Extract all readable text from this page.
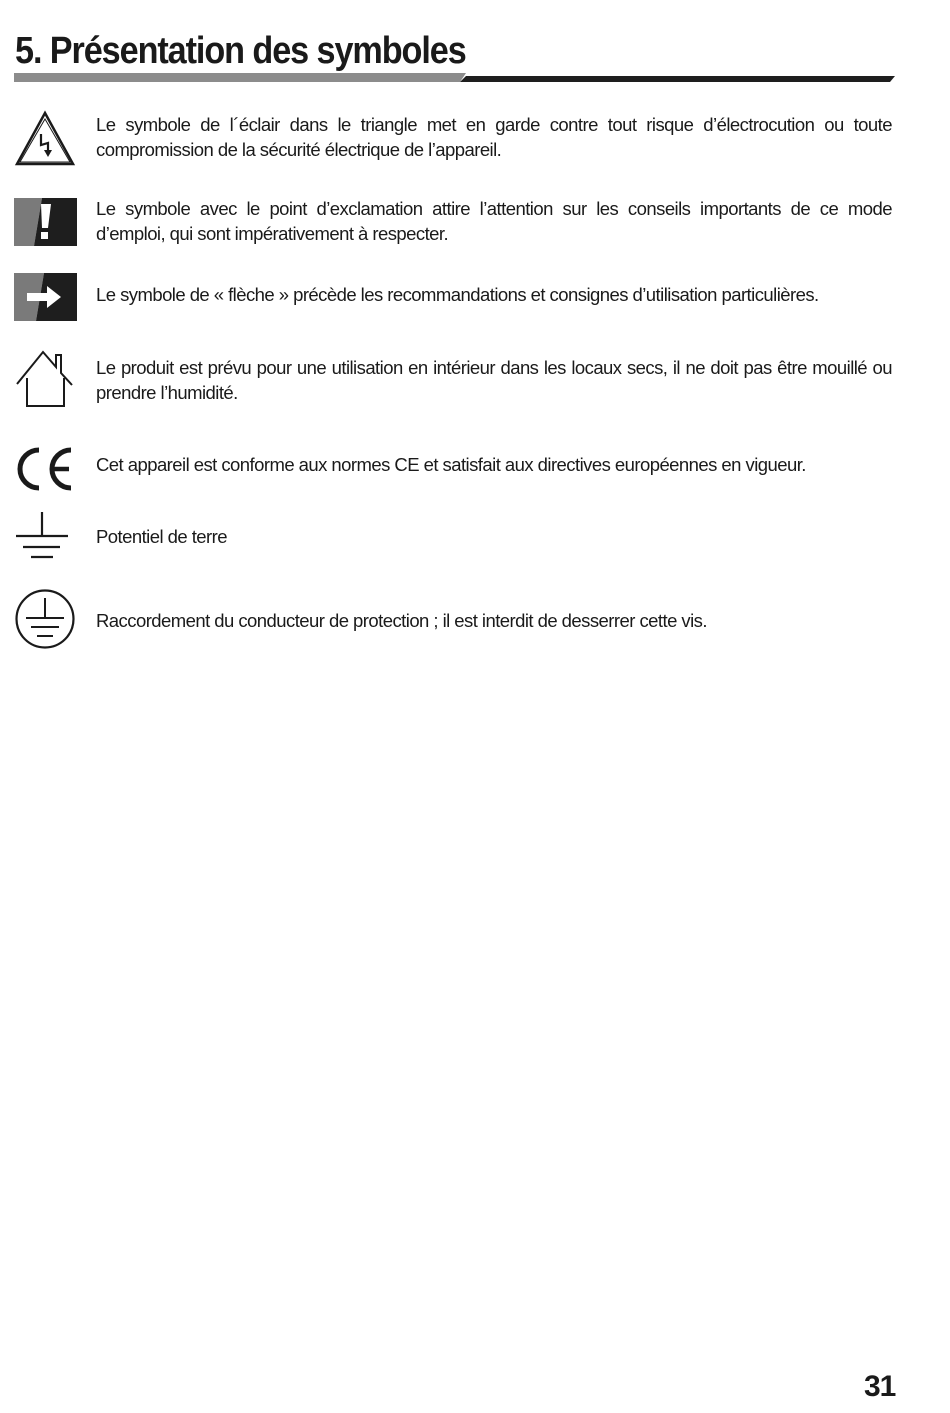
5. Présentation des symboles
Le symbole de l´éclair dans le triangle met en garde contre tout risque d’électrocution ou toute compromission de la sécurité électrique de l’appareil.
Le symbole avec le point d’exclamation attire l’attention sur les conseils importants de ce mode d’emploi, qui sont impérativement à respecter.
Le symbole de « flèche » précède les recommandations et consignes d’utilisation particulières.
Le produit est prévu pour une utilisation en intérieur dans les locaux secs, il ne doit pas être mouillé ou prendre l’humidité.
Cet appareil est conforme aux normes CE et satisfait aux directives européennes en vigueur.
Potentiel de terre
Raccordement du conducteur de protection ; il est interdit de desserrer cette vis.
31
